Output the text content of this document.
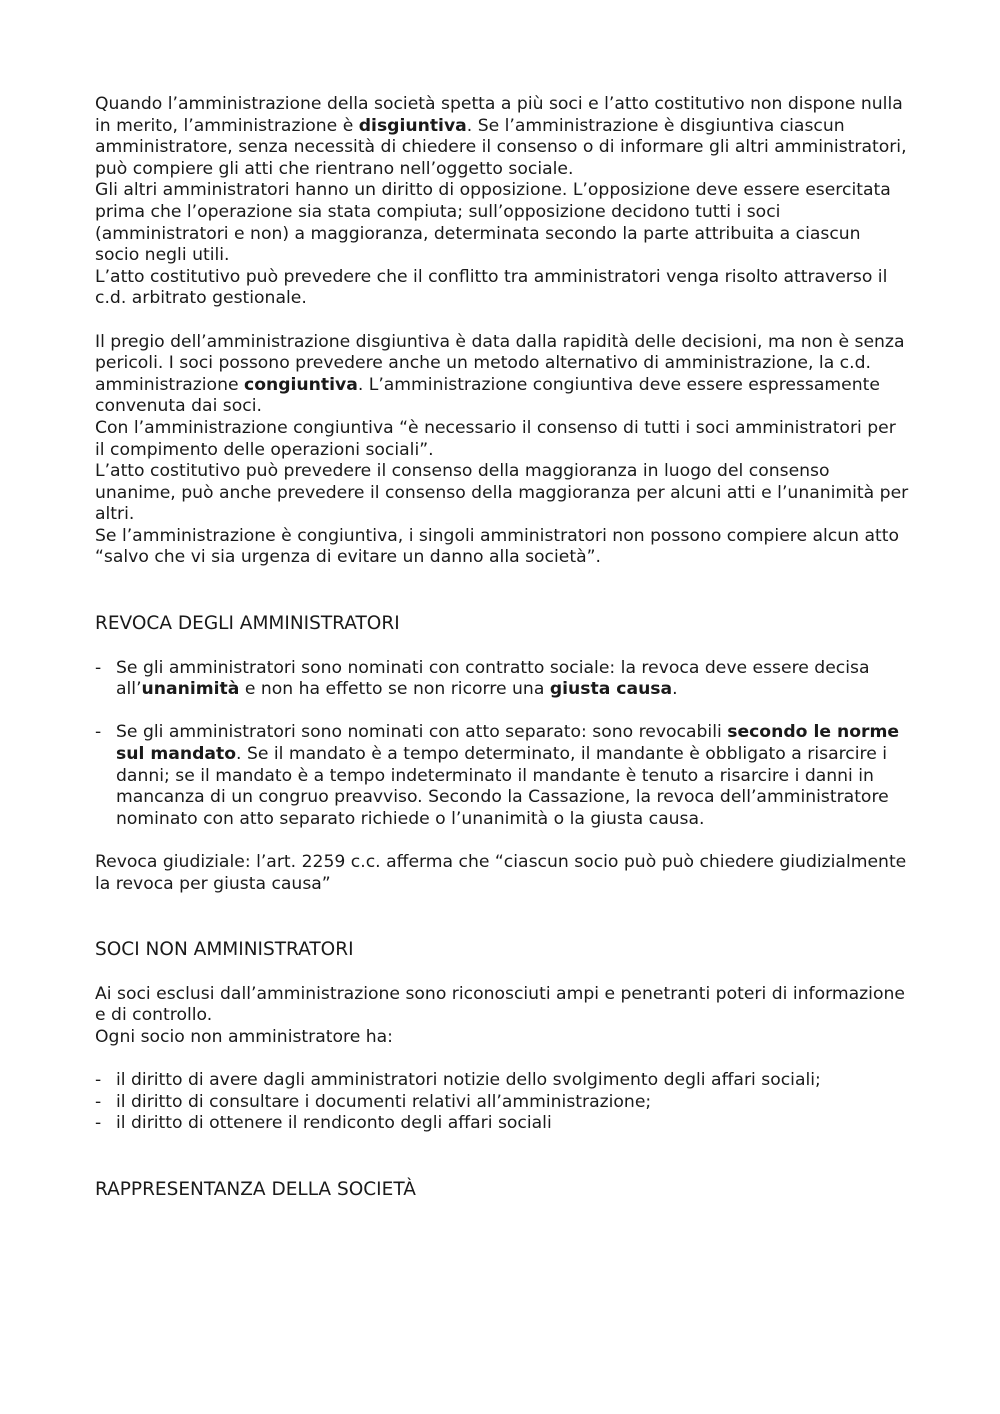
Quando l’amministrazione della società spetta a più soci e l’atto costitutivo non dispone nulla in merito, l’amministrazione è disgiuntiva. Se l’amministrazione è disgiuntiva ciascun amministratore, senza necessità di chiedere il consenso o di informare gli altri amministratori, può compiere gli atti che rientrano nell’oggetto sociale.

Gli altri amministratori hanno un diritto di opposizione. L’opposizione deve essere esercitata prima che l’operazione sia stata compiuta; sull’opposizione decidono tutti i soci (amministratori e non) a maggioranza, determinata secondo la parte attribuita a ciascun socio negli utili.

L’atto costitutivo può prevedere che il conflitto tra amministratori venga risolto attraverso il c.d. arbitrato gestionale.

Il pregio dell’amministrazione disgiuntiva è data dalla rapidità delle decisioni, ma non è senza pericoli. I soci possono prevedere anche un metodo alternativo di amministrazione, la c.d. amministrazione congiuntiva. L’amministrazione congiuntiva deve essere espressamente convenuta dai soci.

Con l’amministrazione congiuntiva “è necessario il consenso di tutti i soci amministratori per il compimento delle operazioni sociali”.

L’atto costitutivo può prevedere il consenso della maggioranza in luogo del consenso unanime, può anche prevedere il consenso della maggioranza per alcuni atti e l’unanimità per altri.

Se l’amministrazione è congiuntiva, i singoli amministratori non possono compiere alcun atto “salvo che vi sia urgenza di evitare un danno alla società”.

REVOCA DEGLI AMMINISTRATORI
- Se gli amministratori sono nominati con contratto sociale: la revoca deve essere decisa all’unanimità e non ha effetto se non ricorre una giusta causa.
- Se gli amministratori sono nominati con atto separato: sono revocabili secondo le norme sul mandato. Se il mandato è a tempo determinato, il mandante è obbligato a risarcire i danni; se il mandato è a tempo indeterminato il mandante è tenuto a risarcire i danni in mancanza di un congruo preavviso. Secondo la Cassazione, la revoca dell’amministratore nominato con atto separato richiede o l’unanimità o la giusta causa.

Revoca giudiziale: l’art. 2259 c.c. afferma che “ciascun socio può può chiedere giudizialmente la revoca per giusta causa”

SOCI NON AMMINISTRATORI

Ai soci esclusi dall’amministrazione sono riconosciuti ampi e penetranti poteri di informazione e di controllo.

Ogni socio non amministratore ha:

- il diritto di avere dagli amministratori notizie dello svolgimento degli affari sociali;
- il diritto di consultare i documenti relativi all’amministrazione;
- il diritto di ottenere il rendiconto degli affari sociali
RAPPRESENTANZA DELLA SOCIETÀ
